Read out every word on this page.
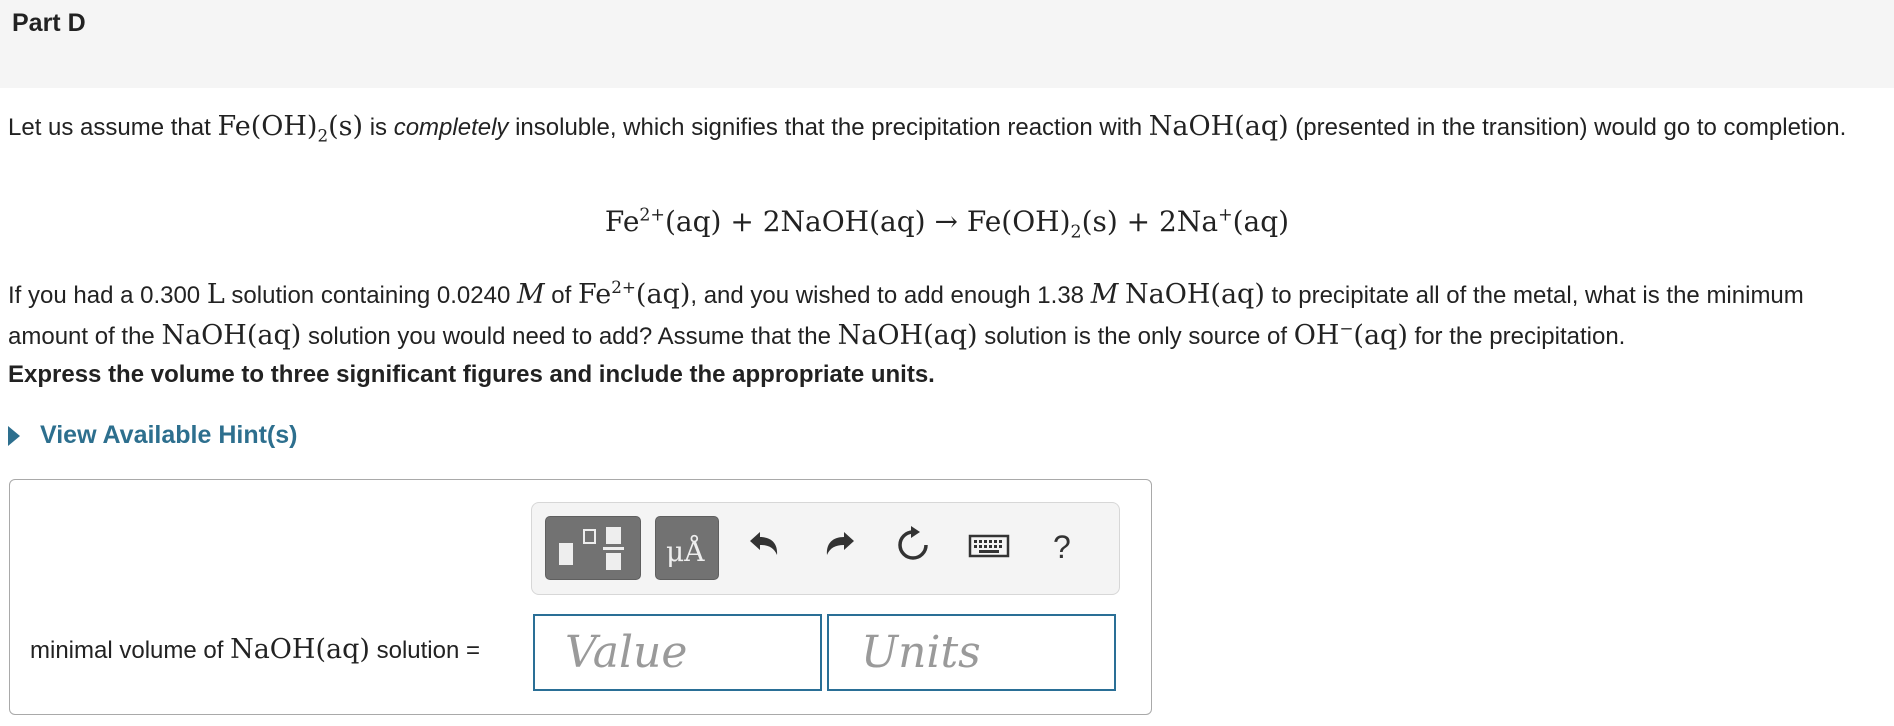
Part D

Let us assume that $Fe(OH)_2(s)$ is completely insoluble, which signifies that the precipitation reaction with NaOH(aq) (presented in the transition) would go to completion.

$Fe^{2+}(aq)$ + 2NaOH(aq) → $Fe(OH)_2(s) + 2Na^+(aq)$

If you had a 0.300 L solution containing 0.0240 M of $Fe^{2+}(aq)$, and you wished to add enough 1.38 M NaOH(aq) to precipitate all of the metal, what is the minimum amount of the NaOH(aq) solution you would need to add? Assume that the NaOH(aq) solution is the only source of OH−(aq) for the precipitation.

Express the volume to three significant figures and include the appropriate units.
View Available Hint(s)
μÅ	?
minimal volume of NaOH(aq) solution =
Value
Units
